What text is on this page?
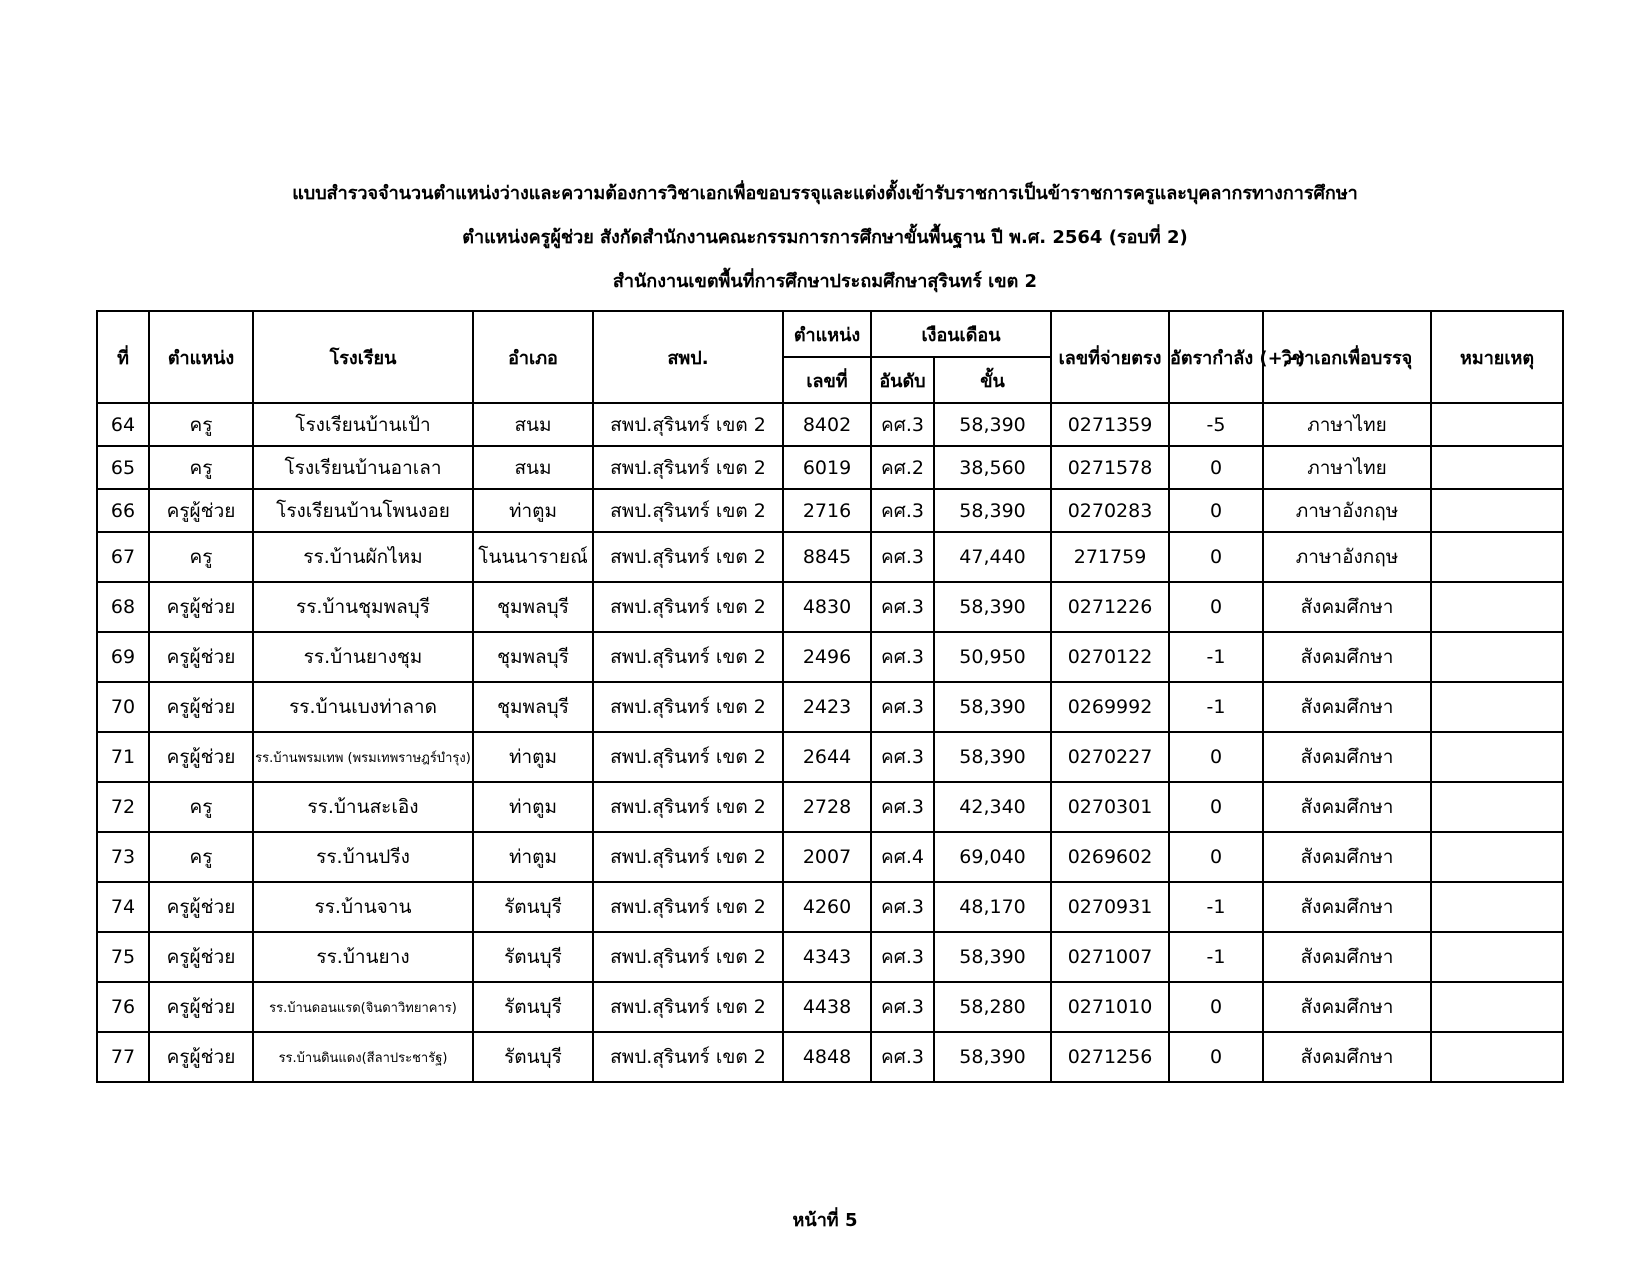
แบบสำรวจจำนวนตำแหน่งว่างและความต้องการวิชาเอกเพื่อขอบรรจุและแต่งตั้งเข้ารับราชการเป็นข้าราชการครูและบุคลากรทางการศึกษา
ตำแหน่งครูผู้ช่วย สังกัดสำนักงานคณะกรรมการการศึกษาขั้นพื้นฐาน ปี พ.ศ. 2564 (รอบที่ 2)
สำนักงานเขตพื้นที่การศึกษาประถมศึกษาสุรินทร์ เขต 2
ที่	ตำแหน่ง	โรงเรียน	อำเภอ	สพป.	ตำแหน่ง	เงือนเดือน		เลขที่จ่ายตรง	อัตรากำลัง (+,-)	วิชาเอกเพื่อบรรจุ	หมายเหตุ
					เลขที่	อันดับ	ขั้น				
64	ครู	โรงเรียนบ้านเป้า	สนม	สพป.สุรินทร์ เขต 2	8402	คศ.3	58,390	0271359	-5	ภาษาไทย	
65	ครู	โรงเรียนบ้านอาเลา	สนม	สพป.สุรินทร์ เขต 2	6019	คศ.2	38,560	0271578	0	ภาษาไทย	
66	ครูผู้ช่วย	โรงเรียนบ้านโพนงอย	ท่าตูม	สพป.สุรินทร์ เขต 2	2716	คศ.3	58,390	0270283	0	ภาษาอังกฤษ	
67	ครู	รร.บ้านผักไหม	โนนนารายณ์	สพป.สุรินทร์ เขต 2	8845	คศ.3	47,440	271759	0	ภาษาอังกฤษ	
68	ครูผู้ช่วย	รร.บ้านชุมพลบุรี	ชุมพลบุรี	สพป.สุรินทร์ เขต 2	4830	คศ.3	58,390	0271226	0	สังคมศึกษา	
69	ครูผู้ช่วย	รร.บ้านยางชุม	ชุมพลบุรี	สพป.สุรินทร์ เขต 2	2496	คศ.3	50,950	0270122	-1	สังคมศึกษา	
70	ครูผู้ช่วย	รร.บ้านเบงท่าลาด	ชุมพลบุรี	สพป.สุรินทร์ เขต 2	2423	คศ.3	58,390	0269992	-1	สังคมศึกษา	
71	ครูผู้ช่วย	รร.บ้านพรมเทพ (พรมเทพราษฎร์บำรุง)	ท่าตูม	สพป.สุรินทร์ เขต 2	2644	คศ.3	58,390	0270227	0	สังคมศึกษา	
72	ครู	รร.บ้านสะเอิง	ท่าตูม	สพป.สุรินทร์ เขต 2	2728	คศ.3	42,340	0270301	0	สังคมศึกษา	
73	ครู	รร.บ้านปรีง	ท่าตูม	สพป.สุรินทร์ เขต 2	2007	คศ.4	69,040	0269602	0	สังคมศึกษา	
74	ครูผู้ช่วย	รร.บ้านจาน	รัตนบุรี	สพป.สุรินทร์ เขต 2	4260	คศ.3	48,170	0270931	-1	สังคมศึกษา	
75	ครูผู้ช่วย	รร.บ้านยาง	รัตนบุรี	สพป.สุรินทร์ เขต 2	4343	คศ.3	58,390	0271007	-1	สังคมศึกษา	
76	ครูผู้ช่วย	รร.บ้านดอนแรด(จินดาวิทยาคาร)	รัตนบุรี	สพป.สุรินทร์ เขต 2	4438	คศ.3	58,280	0271010	0	สังคมศึกษา	
77	ครูผู้ช่วย	รร.บ้านดินแดง(สีลาประชารัฐ)	รัตนบุรี	สพป.สุรินทร์ เขต 2	4848	คศ.3	58,390	0271256	0	สังคมศึกษา	
หน้าที่ 5
